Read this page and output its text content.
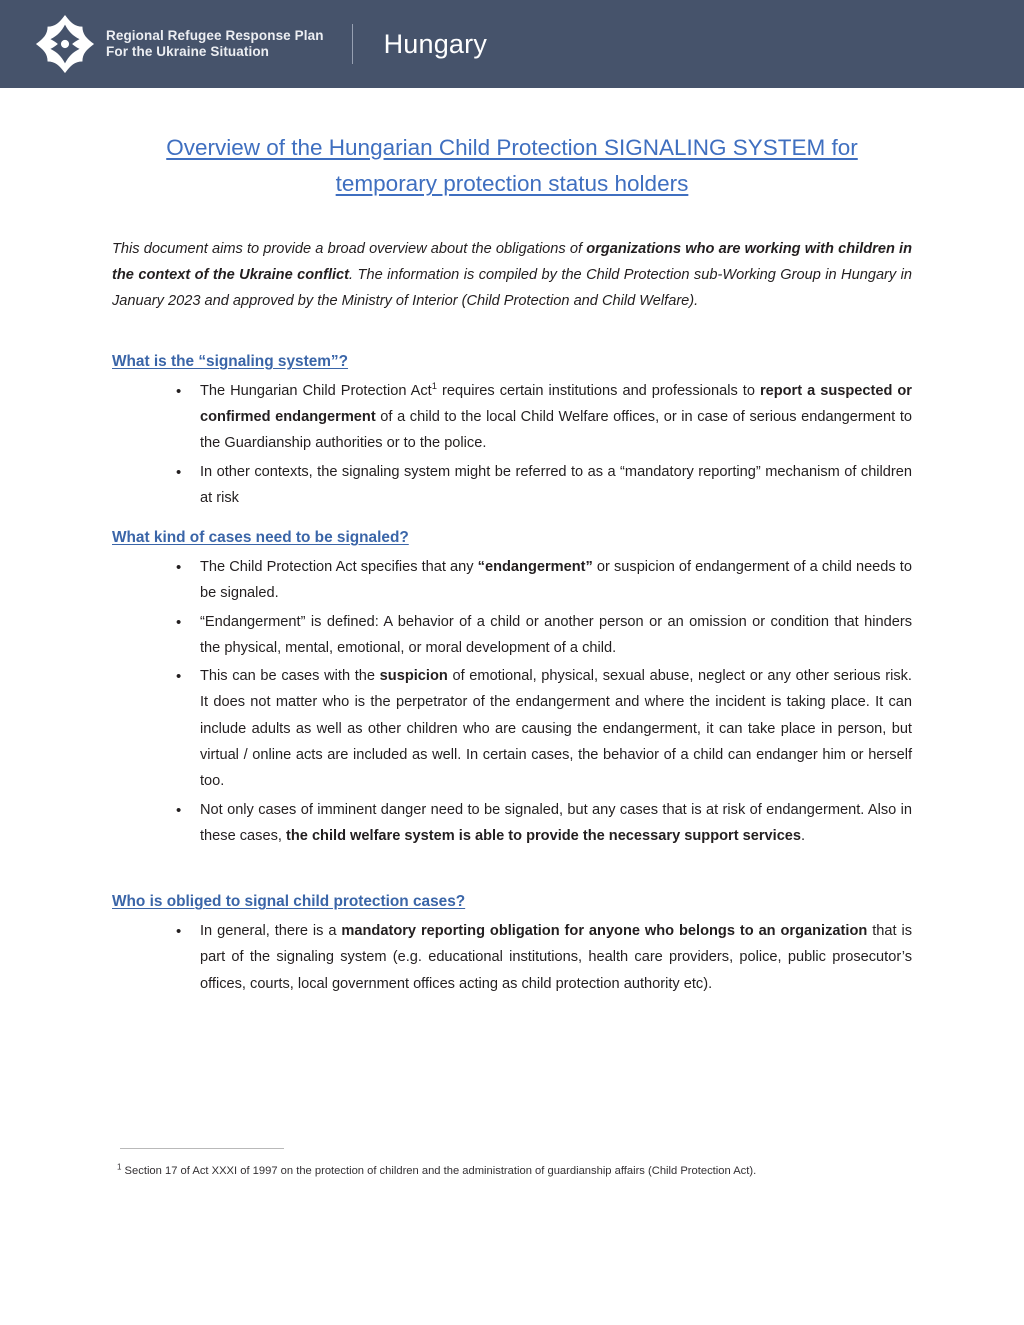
Regional Refugee Response Plan
For the Ukraine Situation	Hungary
Overview of the Hungarian Child Protection SIGNALING SYSTEM for temporary protection status holders

This document aims to provide a broad overview about the obligations of organizations who are working with children in the context of the Ukraine conflict. The information is compiled by the Child Protection sub-Working Group in Hungary in January 2023 and approved by the Ministry of Interior (Child Protection and Child Welfare).

What is the “signaling system”?
• The Hungarian Child Protection Act$^1$ requires certain institutions and professionals to report a suspected or confirmed endangerment of a child to the local Child Welfare offices, or in case of serious endangerment to the Guardianship authorities or to the police.
• In other contexts, the signaling system might be referred to as a “mandatory reporting” mechanism of children at risk
What kind of cases need to be signaled?
• The Child Protection Act specifies that any “endangerment” or suspicion of endangerment of a child needs to be signaled.
• “Endangerment” is defined: A behavior of a child or another person or an omission or condition that hinders the physical, mental, emotional, or moral development of a child.
• This can be cases with the suspicion of emotional, physical, sexual abuse, neglect or any other serious risk. It does not matter who is the perpetrator of the endangerment and where the incident is taking place. It can include adults as well as other children who are causing the endangerment, it can take place in person, but virtual / online acts are included as well. In certain cases, the behavior of a child can endanger him or herself too.
• Not only cases of imminent danger need to be signaled, but any cases that is at risk of endangerment. Also in these cases, the child welfare system is able to provide the necessary support services.
Who is obliged to signal child protection cases?
• In general, there is a mandatory reporting obligation for anyone who belongs to an organization that is part of the signaling system (e.g. educational institutions, health care providers, police, public prosecutor’s offices, courts, local government offices acting as child protection authority etc).
$^1$ Section 17 of Act XXXI of 1997 on the protection of children and the administration of guardianship affairs (Child Protection Act).
